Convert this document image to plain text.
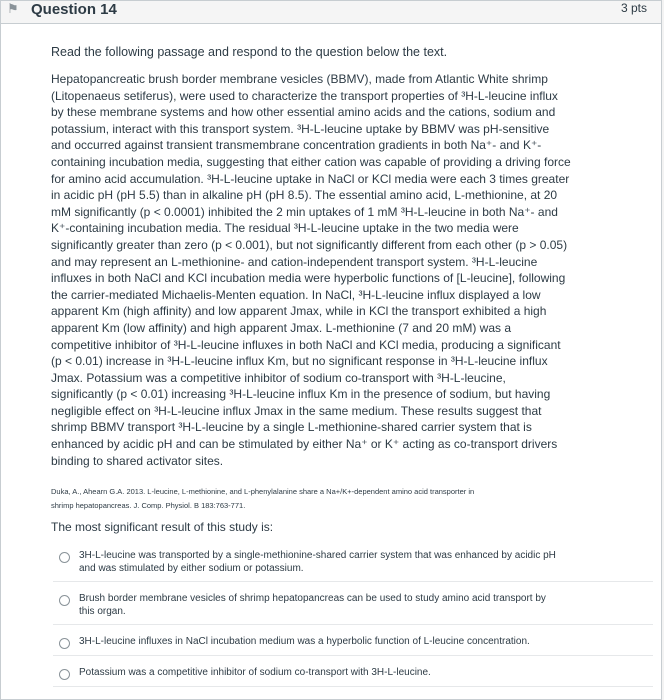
⚑ Question 14	3 pts

Read the following passage and respond to the question below the text.

Hepatopancreatic brush border membrane vesicles (BBMV), made from Atlantic White shrimp (Litopenaeus setiferus), were used to characterize the transport properties of ³H-L-leucine influx by these membrane systems and how other essential amino acids and the cations, sodium and potassium, interact with this transport system. ³H-L-leucine uptake by BBMV was pH-sensitive and occurred against transient transmembrane concentration gradients in both Na⁺- and K⁺-containing incubation media, suggesting that either cation was capable of providing a driving force for amino acid accumulation. ³H-L-leucine uptake in NaCl or KCl media were each 3 times greater in acidic pH (pH 5.5) than in alkaline pH (pH 8.5). The essential amino acid, L-methionine, at 20 mM significantly (p < 0.0001) inhibited the 2 min uptakes of 1 mM ³H-L-leucine in both Na⁺- and K⁺-containing incubation media. The residual ³H-L-leucine uptake in the two media were significantly greater than zero (p < 0.001), but not significantly different from each other (p > 0.05) and may represent an L-methionine- and cation-independent transport system. ³H-L-leucine influxes in both NaCl and KCl incubation media were hyperbolic functions of [L-leucine], following the carrier-mediated Michaelis-Menten equation. In NaCl, ³H-L-leucine influx displayed a low apparent Km (high affinity) and low apparent Jmax, while in KCl the transport exhibited a high apparent Km (low affinity) and high apparent Jmax. L-methionine (7 and 20 mM) was a competitive inhibitor of ³H-L-leucine influxes in both NaCl and KCl media, producing a significant (p < 0.01) increase in ³H-L-leucine influx Km, but no significant response in ³H-L-leucine influx Jmax. Potassium was a competitive inhibitor of sodium co-transport with ³H-L-leucine, significantly (p < 0.01) increasing ³H-L-leucine influx Km in the presence of sodium, but having negligible effect on ³H-L-leucine influx Jmax in the same medium. These results suggest that shrimp BBMV transport ³H-L-leucine by a single L-methionine-shared carrier system that is enhanced by acidic pH and can be stimulated by either Na⁺ or K⁺ acting as co-transport drivers binding to shared activator sites.

Duka, A., Ahearn G.A. 2013. L-leucine, L-methionine, and L-phenylalanine share a Na+/K+-dependent amino acid transporter in
shrimp hepatopancreas. J. Comp. Physiol. B 183:763-771.
The most significant result of this study is:
3H-L-leucine was transported by a single-methionine-shared carrier system that was enhanced by acidic pH and was stimulated by either sodium or potassium.
Brush border membrane vesicles of shrimp hepatopancreas can be used to study amino acid transport by this organ.
3H-L-leucine influxes in NaCl incubation medium was a hyperbolic function of L-leucine concentration.
Potassium was a competitive inhibitor of sodium co-transport with 3H-L-leucine.
